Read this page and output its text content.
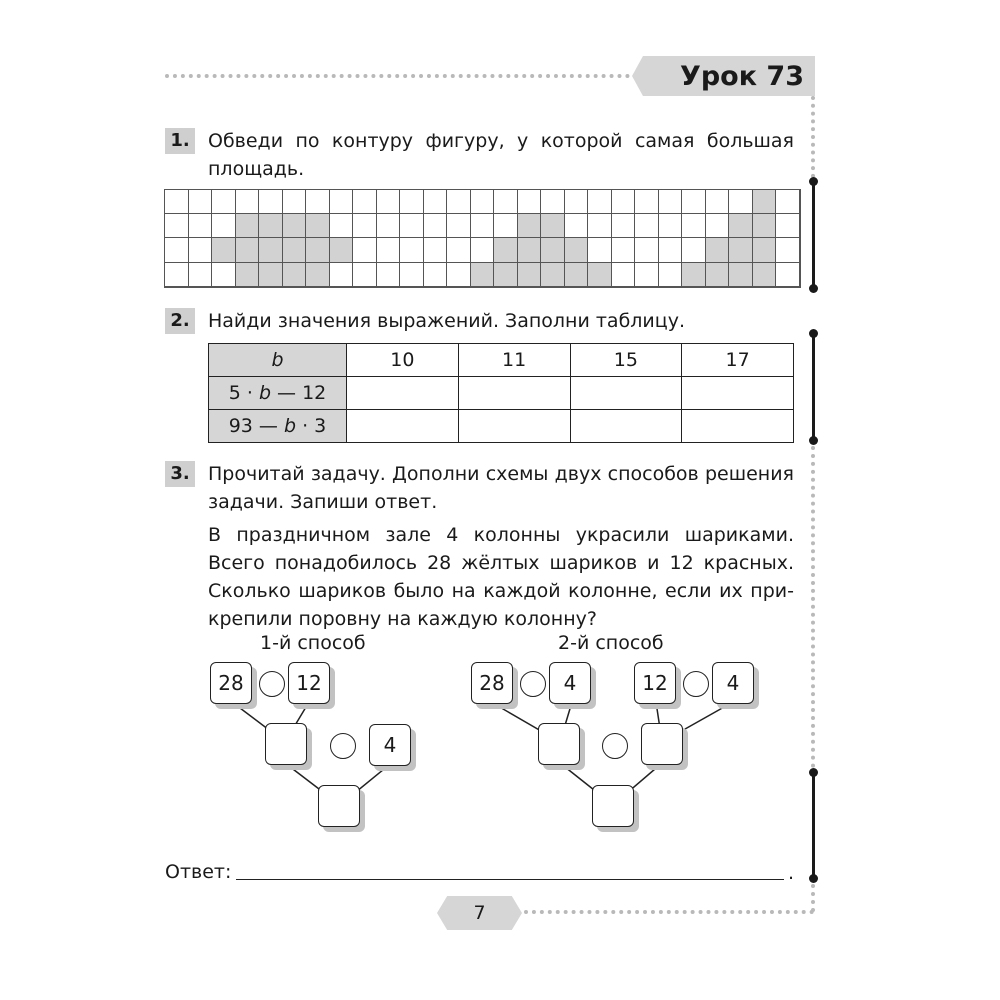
Урок 73
1. Обведи по контуру фигуру, у которой самая большая
площадь.
2. Найди значения выражений. Заполни таблицу.
b	10	11	15	17
5 · b — 12				
93 — b · 3				
3. Прочитай задачу. Дополни схемы двух способов решения
задачи. Запиши ответ.
В праздничном зале 4 колонны украсили шариками.
Всего понадобилось 28 жёлтых шариков и 12 красных.
Сколько шариков было на каждой колонне, если их при-
крепили поровну на каждую колонну?
1-й способ	2-й способ
28	12
4
28	4	12	4
Ответ:	.
7
